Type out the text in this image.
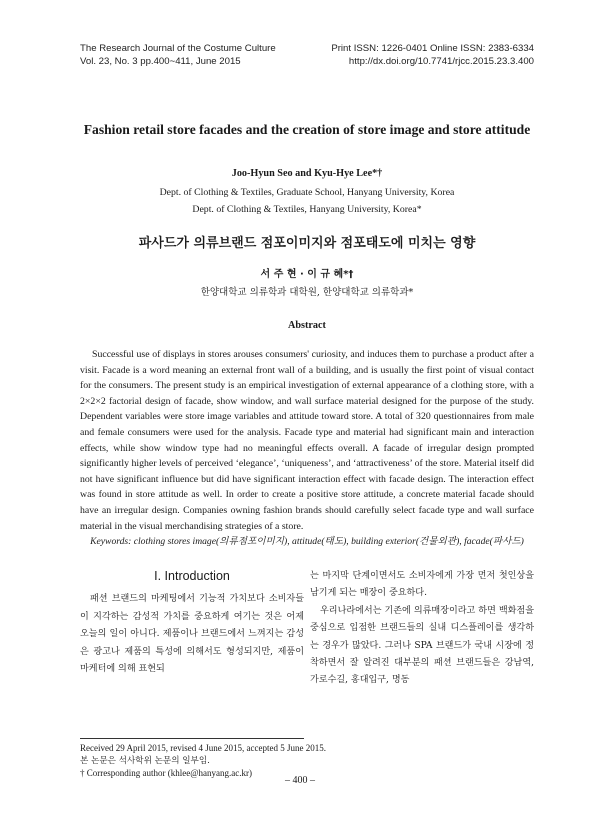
The Research Journal of the Costume Culture	Print ISSN: 1226-0401 Online ISSN: 2383-6334
Vol. 23, No. 3 pp.400~411, June 2015	http://dx.doi.org/10.7741/rjcc.2015.23.3.400
Fashion retail store facades and the creation of store image and store attitude
Joo-Hyun Seo and Kyu-Hye Lee*†
Dept. of Clothing & Textiles, Graduate School, Hanyang University, Korea
Dept. of Clothing & Textiles, Hanyang University, Korea*
파사드가 의류브랜드 점포이미지와 점포태도에 미치는 영향
서 주 현 · 이 규 혜*†
한양대학교 의류학과 대학원, 한양대학교 의류학과*
Abstract

Successful use of displays in stores arouses consumers' curiosity, and induces them to purchase a product after a visit. Facade is a word meaning an external front wall of a building, and is usually the first point of visual contact for the consumers. The present study is an empirical investigation of external appearance of a clothing store, with a 2×2×2 factorial design of facade, show window, and wall surface material designed for the purpose of the study. Dependent variables were store image variables and attitude toward store. A total of 320 questionnaires from male and female consumers were used for the analysis. Facade type and material had significant main and interaction effects, while show window type had no meaningful effects overall. A facade of irregular design prompted significantly higher levels of perceived ‘elegance’, ‘uniqueness’, and ‘attractiveness’ of the store. Material itself did not have significant influence but did have significant interaction effect with facade design. The interaction effect was found in store attitude as well. In order to create a positive store attitude, a concrete material facade should have an irregular design. Companies owning fashion brands should carefully select facade type and wall surface material in the visual merchandising strategies of a store.

Keywords: clothing stores image(의류점포이미지), attitude(태도), building exterior(건물외관), facade(파사드)
I. Introduction

패션 브랜드의 마케팅에서 기능적 가치보다 소비자들이 지각하는 감성적 가치를 중요하게 여기는 것은 어제 오늘의 일이 아니다. 제품이나 브랜드에서 느껴지는 감성은 광고나 제품의 특성에 의해서도 형성되지만, 제품이 마케터에 의해 표현되

는 마지막 단계이면서도 소비자에게 가장 먼저 첫인상을 남기게 되는 매장이 중요하다.

우리나라에서는 기존에 의류매장이라고 하면 백화점을 중심으로 입점한 브랜드들의 실내 디스플레이를 생각하는 경우가 많았다. 그러나 SPA 브랜드가 국내 시장에 정착하면서 잘 알려진 대부분의 패션 브랜드들은 강남역, 가로수길, 홍대입구, 명동

Received 29 April 2015, revised 4 June 2015, accepted 5 June 2015.
본 논문은 석사학위 논문의 일부임.
† Corresponding author (khlee@hanyang.ac.kr)
– 400 –
